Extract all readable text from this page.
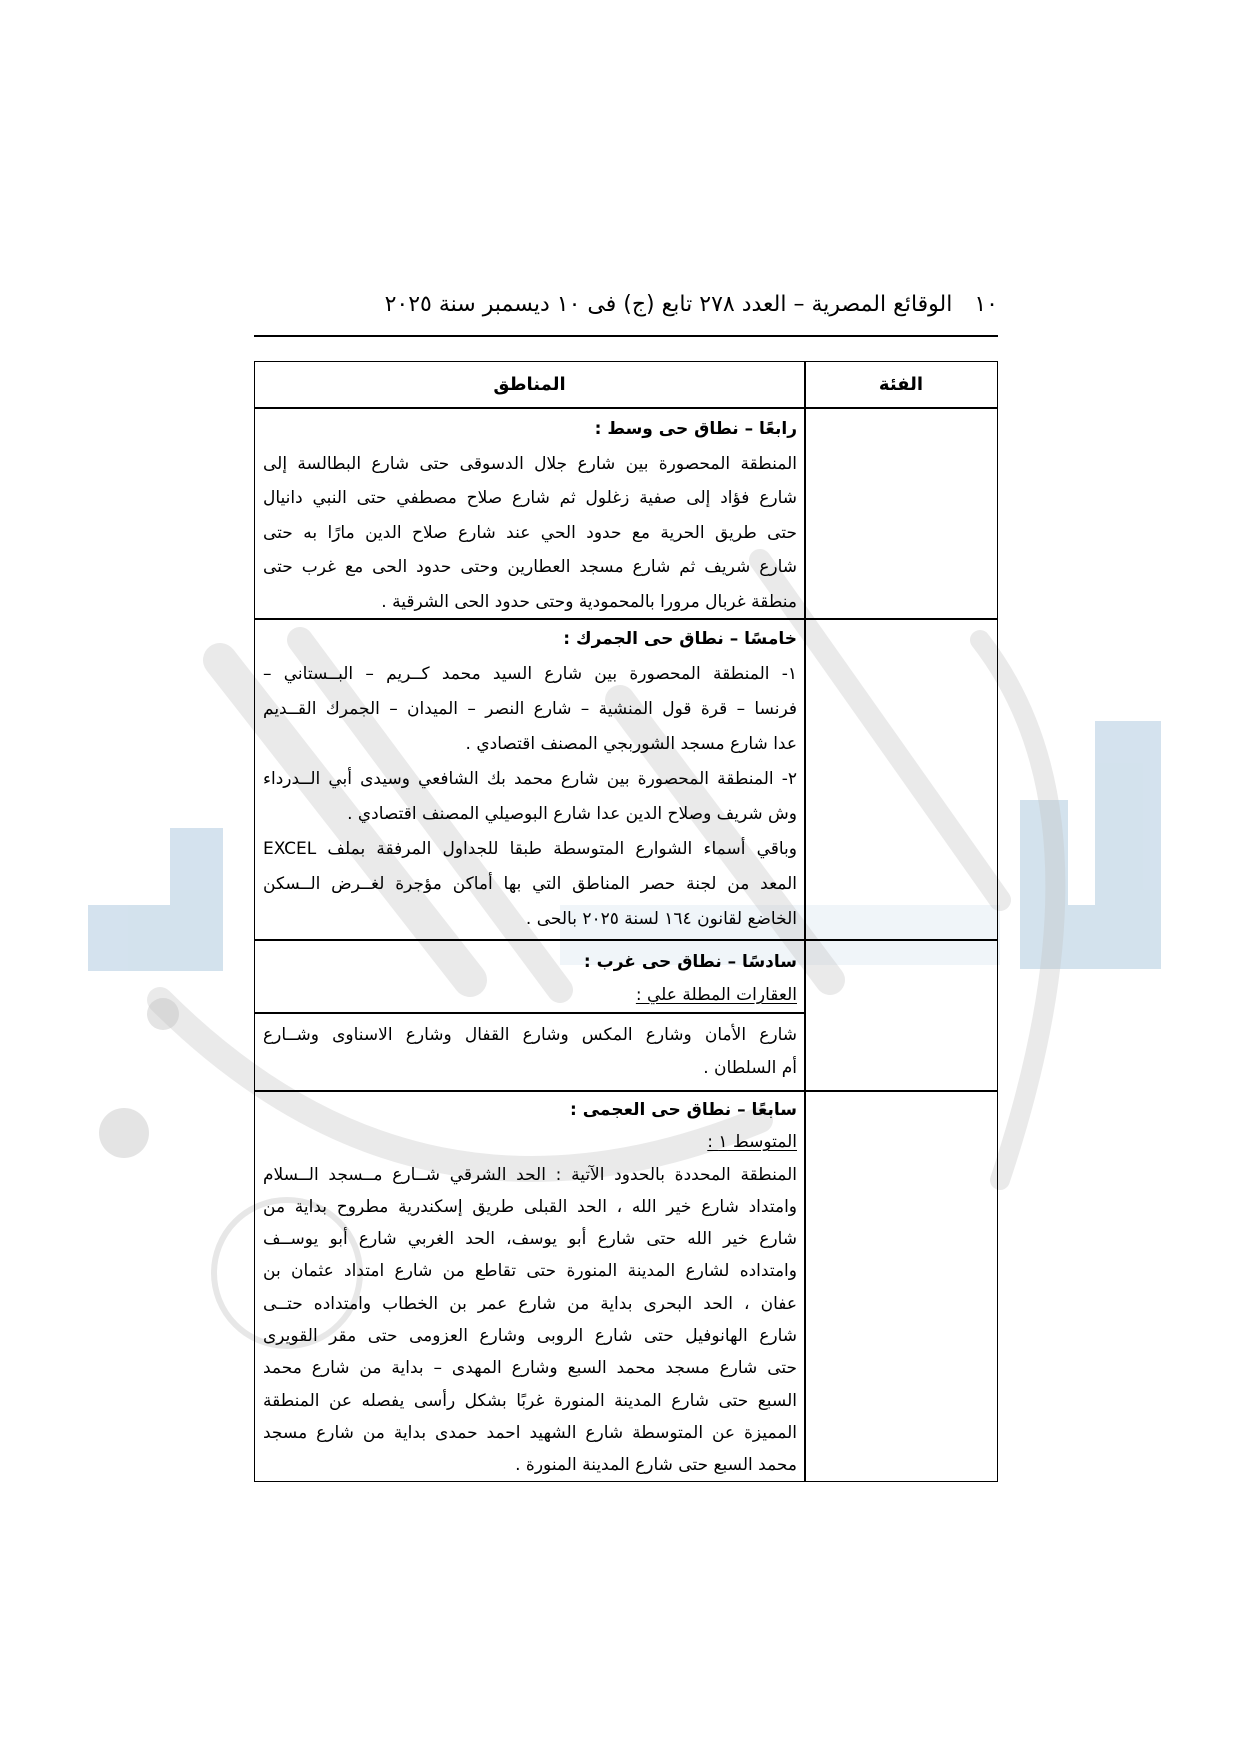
١٠
الوقائع المصرية – العدد ٢٧٨ تابع (ج) فى ١٠ ديسمبر سنة ٢٠٢٥
الفئة
المناطق
رابعًا – نطاق حى وسط :
المنطقة المحصورة بين شارع جلال الدسوقى حتى شارع البطالسة إلى
شارع فؤاد إلى صفية زغلول ثم شارع صلاح مصطفي حتى النبي دانيال
حتى طريق الحرية مع حدود الحي عند شارع صلاح الدين مارًا به حتى
شارع شريف ثم شارع مسجد العطارين وحتى حدود الحى مع غرب حتى
منطقة غربال مرورا بالمحمودية وحتى حدود الحى الشرقية .
خامسًا – نطاق حى الجمرك :
١- المنطقة المحصورة بين شارع السيد محمد كــريم – البــستاني –
فرنسا – قرة قول المنشية – شارع النصر – الميدان – الجمرك القــديم
عدا شارع مسجد الشوربجي المصنف اقتصادي .
٢- المنطقة المحصورة بين شارع محمد بك الشافعي وسيدى أبي الــدرداء
وش شريف وصلاح الدين عدا شارع البوصيلي المصنف اقتصادي .
وباقي أسماء الشوارع المتوسطة طبقا للجداول المرفقة بملف EXCEL
المعد من لجنة حصر المناطق التي بها أماكن مؤجرة لغــرض الــسكن
الخاضع لقانون ١٦٤ لسنة ٢٠٢٥ بالحى .
سادسًا – نطاق حى غرب :
العقارات المطلة علي :
شارع الأمان وشارع المكس وشارع القفال وشارع الاسناوى وشــارع
أم السلطان .
سابعًا – نطاق حى العجمى :
المتوسط ١ :
المنطقة المحددة بالحدود الآتية : الحد الشرقي شــارع مــسجد الــسلام
وامتداد شارع خير الله ، الحد القبلى طريق إسكندرية مطروح بداية من
شارع خير الله حتى شارع أبو يوسف، الحد الغربي شارع أبو يوســف
وامتداده لشارع المدينة المنورة حتى تقاطع من شارع امتداد عثمان بن
عفان ، الحد البحرى بداية من شارع عمر بن الخطاب وامتداده حتــى
شارع الهانوفيل حتى شارع الروبى وشارع العزومى حتى مقر القويرى
حتى شارع مسجد محمد السبع وشارع المهدى – بداية من شارع محمد
السبع حتى شارع المدينة المنورة غربًا بشكل رأسى يفصله عن المنطقة
المميزة عن المتوسطة شارع الشهيد احمد حمدى بداية من شارع مسجد
محمد السبع حتى شارع المدينة المنورة .
